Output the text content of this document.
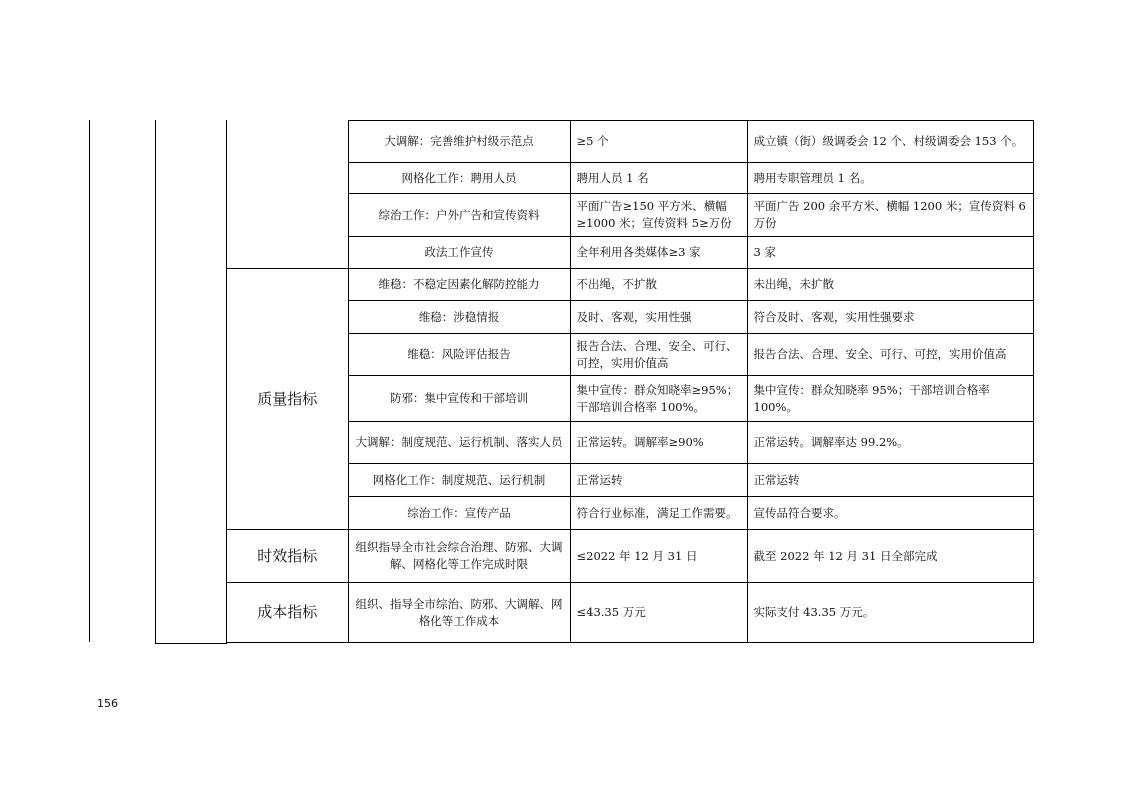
	大调解：完善维护村级示范点	≥5 个	成立镇（街）级调委会 12 个、村级调委会 153 个。
	网格化工作：聘用人员	聘用人员 1 名	聘用专职管理员 1 名。
	综治工作：户外广告和宣传资料	平面广告≥150 平方米、横幅≥1000 米；宣传资料 5≥万份	平面广告 200 余平方米、横幅 1200 米；宣传资料 6 万份
	政法工作宣传	全年利用各类媒体≥3 家	3 家
质量指标	维稳：不稳定因素化解防控能力	不出绳，不扩散	未出绳，未扩散
	维稳：涉稳情报	及时、客观，实用性强	符合及时、客观，实用性强要求
	维稳：风险评估报告	报告合法、合理、安全、可行、可控，实用价值高	报告合法、合理、安全、可行、可控，实用价值高
	防邪：集中宣传和干部培训	集中宣传：群众知晓率≥95%；干部培训合格率 100%。	集中宣传：群众知晓率 95%；干部培训合格率 100%。
	大调解：制度规范、运行机制、落实人员	正常运转。调解率≥90%	正常运转。调解率达 99.2%。
	网格化工作：制度规范、运行机制	正常运转	正常运转
	综治工作：宣传产品	符合行业标准，满足工作需要。	宣传品符合要求。
时效指标	组织指导全市社会综合治理、防邪、大调解、网格化等工作完成时限	≤2022 年 12 月 31 日	截至 2022 年 12 月 31 日全部完成
成本指标	组织、指导全市综治、防邪、大调解、网格化等工作成本	≤43.35 万元	实际支付 43.35 万元。
156
